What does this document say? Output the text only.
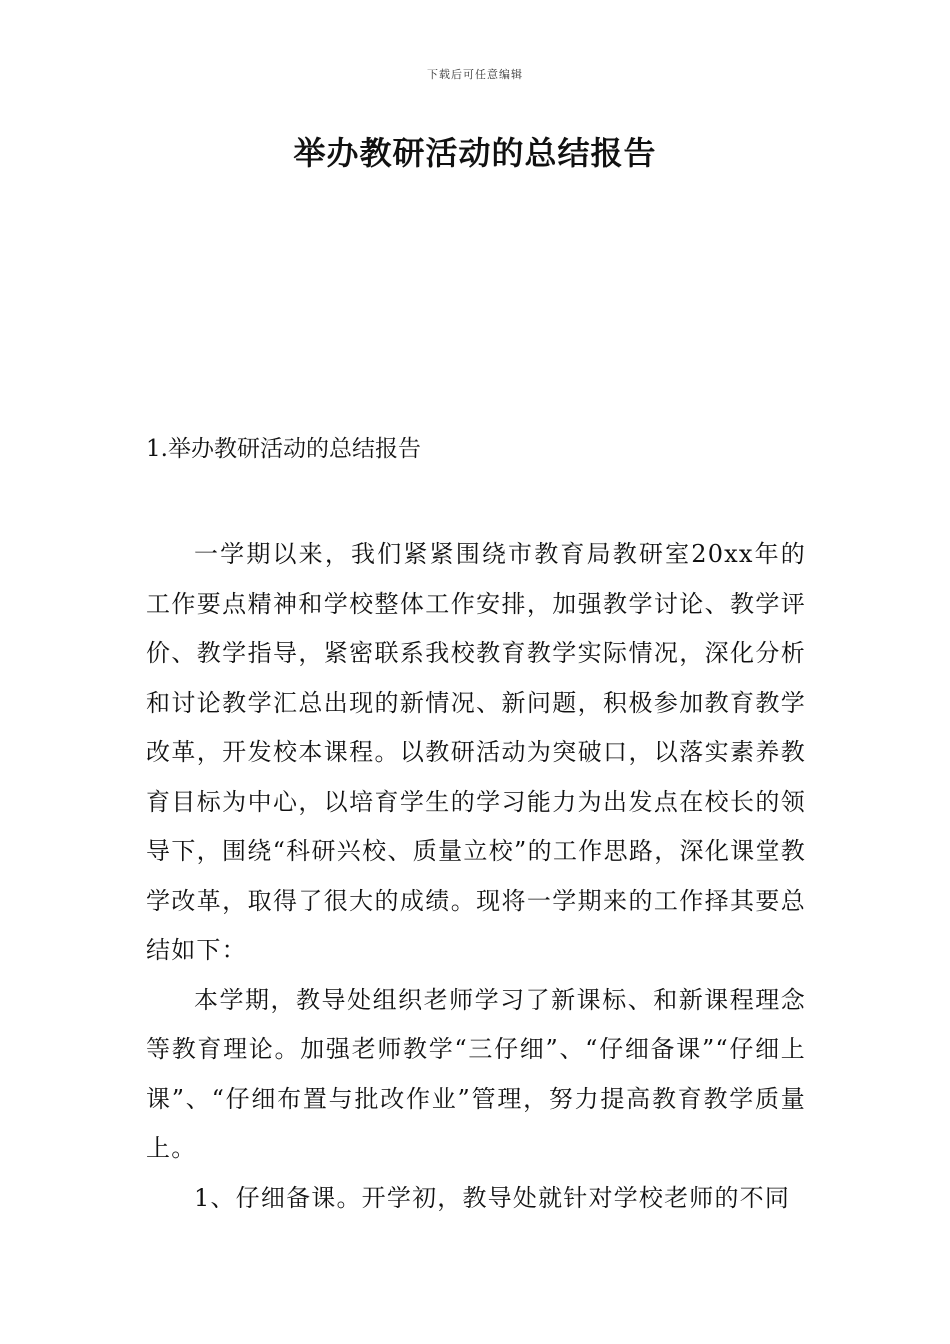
下载后可任意编辑
举办教研活动的总结报告
1.举办教研活动的总结报告

一学期以来，我们紧紧围绕市教育局教研室20xx年的工作要点精神和学校整体工作安排，加强教学讨论、教学评价、教学指导，紧密联系我校教育教学实际情况，深化分析和讨论教学汇总出现的新情况、新问题，积极参加教育教学改革，开发校本课程。以教研活动为突破口，以落实素养教育目标为中心，以培育学生的学习能力为出发点在校长的领导下，围绕“科研兴校、质量立校”的工作思路，深化课堂教学改革，取得了很大的成绩。现将一学期来的工作择其要总结如下：

本学期，教导处组织老师学习了新课标、和新课程理念等教育理论。加强老师教学“三仔细”、“仔细备课”“仔细上课”、“仔细布置与批改作业”管理，努力提高教育教学质量上。

1、仔细备课。开学初，教导处就针对学校老师的不同
